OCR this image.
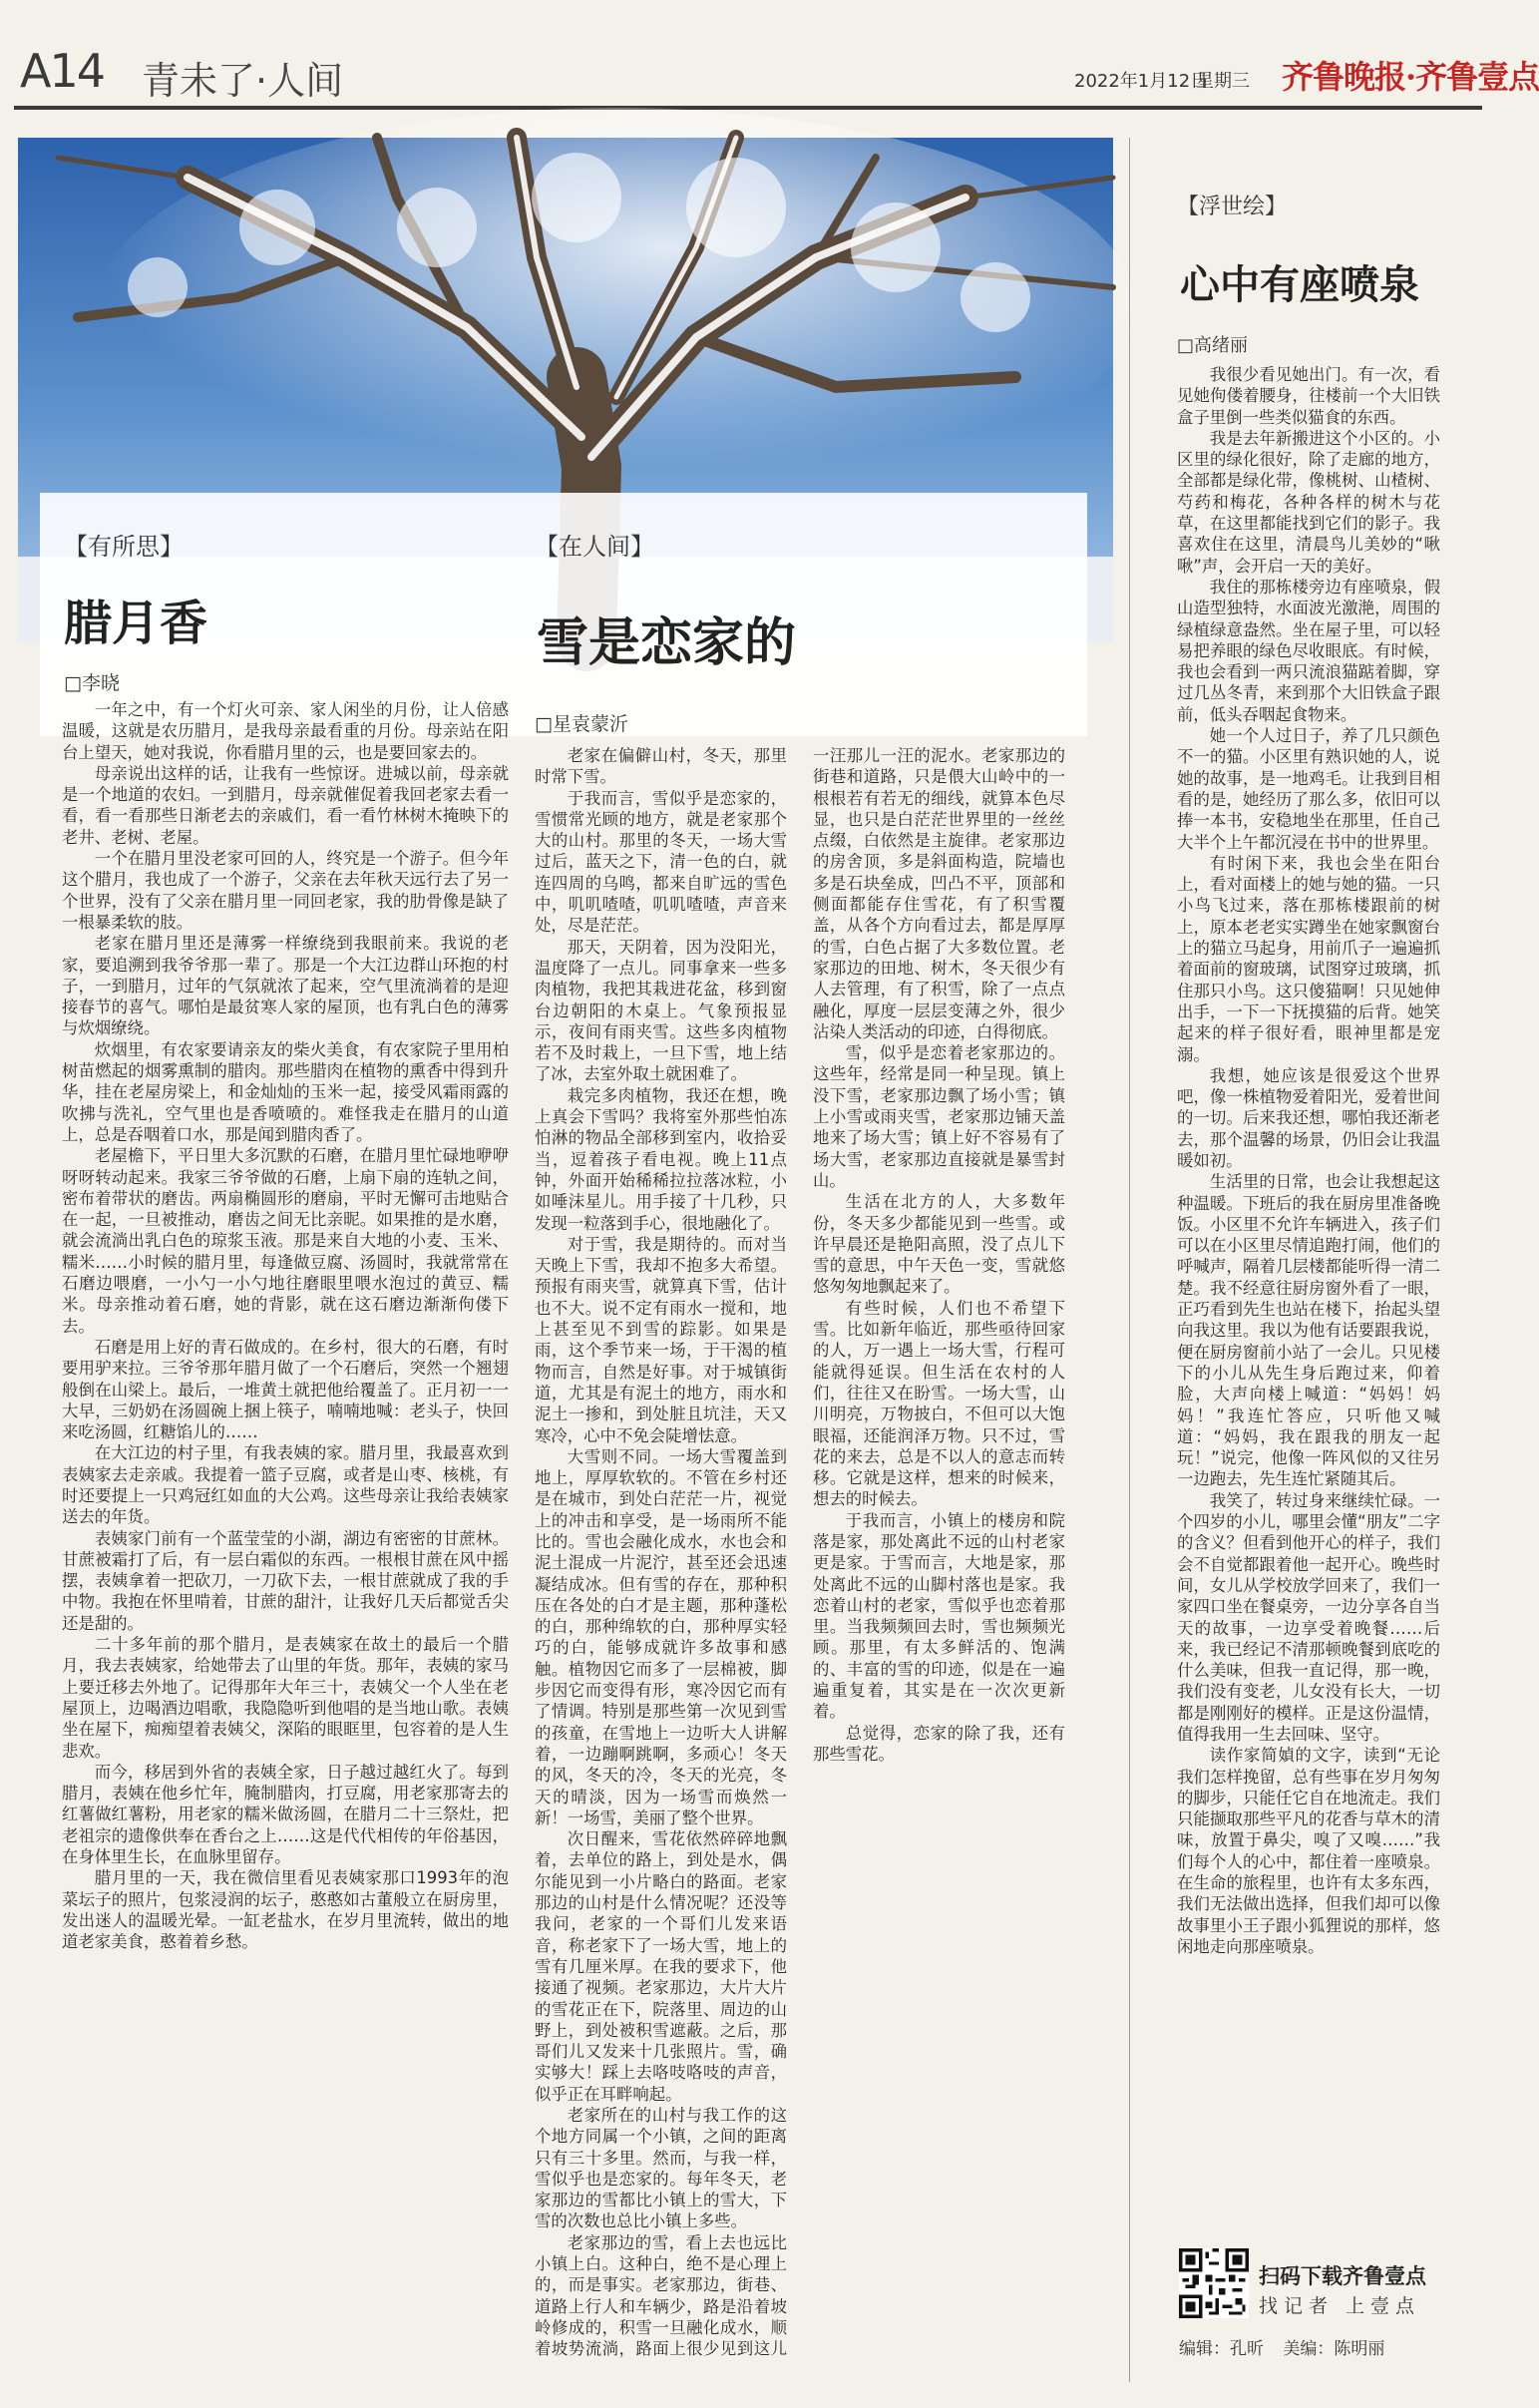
A14 青未了·人间	2022年1月12日
星期三 齐鲁晚报·齐鲁壹点
【有所思】
腊月香
□李晓
【在人间】
雪是恋家的
□星袁蒙沂

一年之中，有一个灯火可亲、家人闲坐的月份，让人倍感温暖，这就是农历腊月，是我母亲最看重的月份。母亲站在阳台上望天，她对我说，你看腊月里的云，也是要回家去的。

母亲说出这样的话，让我有一些惊讶。进城以前，母亲就是一个地道的农妇。一到腊月，母亲就催促着我回老家去看一看，看一看那些日渐老去的亲戚们，看一看竹林树木掩映下的老井、老树、老屋。

一个在腊月里没老家可回的人，终究是一个游子。但今年这个腊月，我也成了一个游子，父亲在去年秋天远行去了另一个世界，没有了父亲在腊月里一同回老家，我的肋骨像是缺了一根暴柔软的肢。

老家在腊月里还是薄雾一样缭绕到我眼前来。我说的老家，要追溯到我爷爷那一辈了。那是一个大江边群山环抱的村子，一到腊月，过年的气氛就浓了起来，空气里流淌着的是迎接春节的喜气。哪怕是最贫寒人家的屋顶，也有乳白色的薄雾与炊烟缭绕。

炊烟里，有农家要请亲友的柴火美食，有农家院子里用柏树苗燃起的烟雾熏制的腊肉。那些腊肉在植物的熏香中得到升华，挂在老屋房梁上，和金灿灿的玉米一起，接受风霜雨露的吹拂与洗礼，空气里也是香喷喷的。难怪我走在腊月的山道上，总是吞咽着口水，那是闻到腊肉香了。

老屋檐下，平日里大多沉默的石磨，在腊月里忙碌地咿咿呀呀转动起来。我家三爷爷做的石磨，上扇下扇的连轨之间，密布着带状的磨齿。两扇椭圆形的磨扇，平时无懈可击地贴合在一起，一旦被推动，磨齿之间无比亲昵。如果推的是水磨，就会流淌出乳白色的琼浆玉液。那是来自大地的小麦、玉米、糯米……小时候的腊月里，每逢做豆腐、汤圆时，我就常常在石磨边喂磨，一小勺一小勺地往磨眼里喂水泡过的黄豆、糯米。母亲推动着石磨，她的背影，就在这石磨边渐渐佝偻下去。

石磨是用上好的青石做成的。在乡村，很大的石磨，有时要用驴来拉。三爷爷那年腊月做了一个石磨后，突然一个翘翅般倒在山梁上。最后，一堆黄土就把他给覆盖了。正月初一一大早，三奶奶在汤圆碗上捆上筷子，喃喃地喊：老头子，快回来吃汤圆，红糖馅儿的……

在大江边的村子里，有我表姨的家。腊月里，我最喜欢到表姨家去走亲戚。我提着一篮子豆腐，或者是山枣、核桃，有时还要提上一只鸡冠红如血的大公鸡。这些母亲让我给表姨家送去的年货。

表姨家门前有一个蓝莹莹的小湖，湖边有密密的甘蔗林。甘蔗被霜打了后，有一层白霜似的东西。一根根甘蔗在风中摇摆，表姨拿着一把砍刀，一刀砍下去，一根甘蔗就成了我的手中物。我抱在怀里啃着，甘蔗的甜汁，让我好几天后都觉舌尖还是甜的。

二十多年前的那个腊月，是表姨家在故土的最后一个腊月，我去表姨家，给她带去了山里的年货。那年，表姨的家马上要迁移去外地了。记得那年大年三十，表姨父一个人坐在老屋顶上，边喝酒边唱歌，我隐隐听到他唱的是当地山歌。表姨坐在屋下，痴痴望着表姨父，深陷的眼眶里，包容着的是人生悲欢。

而今，移居到外省的表姨全家，日子越过越红火了。每到腊月，表姨在他乡忙年，腌制腊肉，打豆腐，用老家那寄去的红薯做红薯粉，用老家的糯米做汤圆，在腊月二十三祭灶，把老祖宗的遗像供奉在香台之上……这是代代相传的年俗基因，在身体里生长，在血脉里留存。

腊月里的一天，我在微信里看见表姨家那口1993年的泡菜坛子的照片，包浆浸润的坛子，憨憨如古董般立在厨房里，发出迷人的温暖光晕。一缸老盐水，在岁月里流转，做出的地道老家美食，憨着着乡愁。

老家在偏僻山村，冬天，那里时常下雪。

于我而言，雪似乎是恋家的，雪惯常光顾的地方，就是老家那个大的山村。那里的冬天，一场大雪过后，蓝天之下，清一色的白，就连四周的乌鸣，都来自旷远的雪色中，叽叽喳喳，叽叽喳喳，声音来处，尽是茫茫。

那天，天阴着，因为没阳光，温度降了一点儿。同事拿来一些多肉植物，我把其栽进花盆，移到窗台边朝阳的木桌上。气象预报显示，夜间有雨夹雪。这些多肉植物若不及时栽上，一旦下雪，地上结了冰，去室外取土就困难了。

栽完多肉植物，我还在想，晚上真会下雪吗？我将室外那些怕冻怕淋的物品全部移到室内，收拾妥当，逗着孩子看电视。晚上11点钟，外面开始稀稀拉拉落冰粒，小如唾沫星儿。用手接了十几秒，只发现一粒落到手心，很地融化了。

对于雪，我是期待的。而对当天晚上下雪，我却不抱多大希望。预报有雨夹雪，就算真下雪，估计也不大。说不定有雨水一搅和，地上甚至见不到雪的踪影。如果是雨，这个季节来一场，于干渴的植物而言，自然是好事。对于城镇街道，尤其是有泥土的地方，雨水和泥土一掺和，到处脏且坑洼，天又寒冷，心中不免会陡增怯意。

大雪则不同。一场大雪覆盖到地上，厚厚软软的。不管在乡村还是在城市，到处白茫茫一片，视觉上的冲击和享受，是一场雨所不能比的。雪也会融化成水，水也会和泥土混成一片泥泞，甚至还会迅速凝结成冰。但有雪的存在，那种积压在各处的白才是主题，那种蓬松的白，那种绵软的白，那种厚实轻巧的白，能够成就许多故事和感触。植物因它而多了一层棉被，脚步因它而变得有形，寒冷因它而有了情调。特别是那些第一次见到雪的孩童，在雪地上一边听大人讲解着，一边蹦啊跳啊，多顽心！冬天的风，冬天的冷，冬天的光亮，冬天的晴淡，因为一场雪而焕然一新！一场雪，美丽了整个世界。

次日醒来，雪花依然碎碎地飘着，去单位的路上，到处是水，偶尔能见到一小片略白的路面。老家那边的山村是什么情况呢？还没等我问，老家的一个哥们儿发来语音，称老家下了一场大雪，地上的雪有几厘米厚。在我的要求下，他接通了视频。老家那边，大片大片的雪花正在下，院落里、周边的山野上，到处被积雪遮蔽。之后，那哥们儿又发来十几张照片。雪，确实够大！踩上去咯吱咯吱的声音，似乎正在耳畔响起。

老家所在的山村与我工作的这个地方同属一个小镇，之间的距离只有三十多里。然而，与我一样，雪似乎也是恋家的。每年冬天，老家那边的雪都比小镇上的雪大，下雪的次数也总比小镇上多些。

老家那边的雪，看上去也远比小镇上白。这种白，绝不是心理上的，而是事实。老家那边，街巷、道路上行人和车辆少，路是沿着坡岭修成的，积雪一旦融化成水，顺着坡势流淌，路面上很少见到这儿一汪那儿一汪的泥水。老家那边的街巷和道路，只是偎大山岭中的一根根若有若无的细线，就算本色尽显，也只是白茫茫世界里的一丝丝点缀，白依然是主旋律。老家那边的房舍顶，多是斜面构造，院墙也多是石块垒成，凹凸不平，顶部和侧面都能存住雪花，有了积雪覆盖，从各个方向看过去，都是厚厚的雪，白色占据了大多数位置。老家那边的田地、树木，冬天很少有人去管理，有了积雪，除了一点点融化，厚度一层层变薄之外，很少沾染人类活动的印迹，白得彻底。

雪，似乎是恋着老家那边的。这些年，经常是同一种呈现。镇上没下雪，老家那边飘了场小雪；镇上小雪或雨夹雪，老家那边铺天盖地来了场大雪；镇上好不容易有了场大雪，老家那边直接就是暴雪封山。

生活在北方的人，大多数年份，冬天多少都能见到一些雪。或许早晨还是艳阳高照，没了点儿下雪的意思，中午天色一变，雪就悠悠匆匆地飘起来了。

有些时候，人们也不希望下雪。比如新年临近，那些亟待回家的人，万一遇上一场大雪，行程可能就得延误。但生活在农村的人们，往往又在盼雪。一场大雪，山川明亮，万物披白，不但可以大饱眼福，还能润泽万物。只不过，雪花的来去，总是不以人的意志而转移。它就是这样，想来的时候来，想去的时候去。

于我而言，小镇上的楼房和院落是家，那处离此不远的山村老家更是家。于雪而言，大地是家，那处离此不远的山脚村落也是家。我恋着山村的老家，雪似乎也恋着那里。当我频频回去时，雪也频频光顾。那里，有太多鲜活的、饱满的、丰富的雪的印迹，似是在一遍遍重复着，其实是在一次次更新着。

总觉得，恋家的除了我，还有那些雪花。

【浮世绘】
心中有座喷泉
□高绪丽

我很少看见她出门。有一次，看见她佝偻着腰身，往楼前一个大旧铁盒子里倒一些类似猫食的东西。

我是去年新搬进这个小区的。小区里的绿化很好，除了走廊的地方，全部都是绿化带，像桃树、山楂树、芍药和梅花，各种各样的树木与花草，在这里都能找到它们的影子。我喜欢住在这里，清晨鸟儿美妙的“啾啾”声，会开启一天的美好。

我住的那栋楼旁边有座喷泉，假山造型独特，水面波光激滟，周围的绿植绿意盎然。坐在屋子里，可以轻易把养眼的绿色尽收眼底。有时候，我也会看到一两只流浪猫踮着脚，穿过几丛冬青，来到那个大旧铁盒子跟前，低头吞咽起食物来。

她一个人过日子，养了几只颜色不一的猫。小区里有熟识她的人，说她的故事，是一地鸡毛。让我到目相看的是，她经历了那么多，依旧可以捧一本书，安稳地坐在那里，任自己大半个上午都沉浸在书中的世界里。

有时闲下来，我也会坐在阳台上，看对面楼上的她与她的猫。一只小鸟飞过来，落在那栋楼跟前的树上，原本老老实实蹲坐在她家飘窗台上的猫立马起身，用前爪子一遍遍抓着面前的窗玻璃，试图穿过玻璃，抓住那只小鸟。这只傻猫啊！只见她伸出手，一下一下抚摸猫的后背。她笑起来的样子很好看，眼神里都是宠溺。

我想，她应该是很爱这个世界吧，像一株植物爱着阳光，爱着世间的一切。后来我还想，哪怕我还渐老去，那个温馨的场景，仍旧会让我温暖如初。

生活里的日常，也会让我想起这种温暖。下班后的我在厨房里准备晚饭。小区里不允许车辆进入，孩子们可以在小区里尽情追跑打闹，他们的呼喊声，隔着几层楼都能听得一清二楚。我不经意往厨房窗外看了一眼，正巧看到先生也站在楼下，抬起头望向我这里。我以为他有话要跟我说，便在厨房窗前小站了一会儿。只见楼下的小儿从先生身后跑过来，仰着脸，大声向楼上喊道：“妈妈！妈妈！”我连忙答应，只听他又喊道：“妈妈，我在跟我的朋友一起玩！”说完，他像一阵风似的又往另一边跑去，先生连忙紧随其后。

我笑了，转过身来继续忙碌。一个四岁的小儿，哪里会懂“朋友”二字的含义？但看到他开心的样子，我们会不自觉都跟着他一起开心。晚些时间，女儿从学校放学回来了，我们一家四口坐在餐桌旁，一边分享各自当天的故事，一边享受着晚餐……后来，我已经记不清那顿晚餐到底吃的什么美味，但我一直记得，那一晚，我们没有变老，儿女没有长大，一切都是刚刚好的模样。正是这份温情，值得我用一生去回味、坚守。

读作家简媜的文字，读到“无论我们怎样挽留，总有些事在岁月匆匆的脚步，只能任它自在地流走。我们只能撷取那些平凡的花香与草木的清味，放置于鼻尖，嗅了又嗅……”我们每个人的心中，都住着一座喷泉。在生命的旅程里，也许有太多东西，我们无法做出选择，但我们却可以像故事里小王子跟小狐狸说的那样，悠闲地走向那座喷泉。

扫码下载齐鲁壹点
找记者 上壹点
编辑：孔昕 美编：陈明丽
